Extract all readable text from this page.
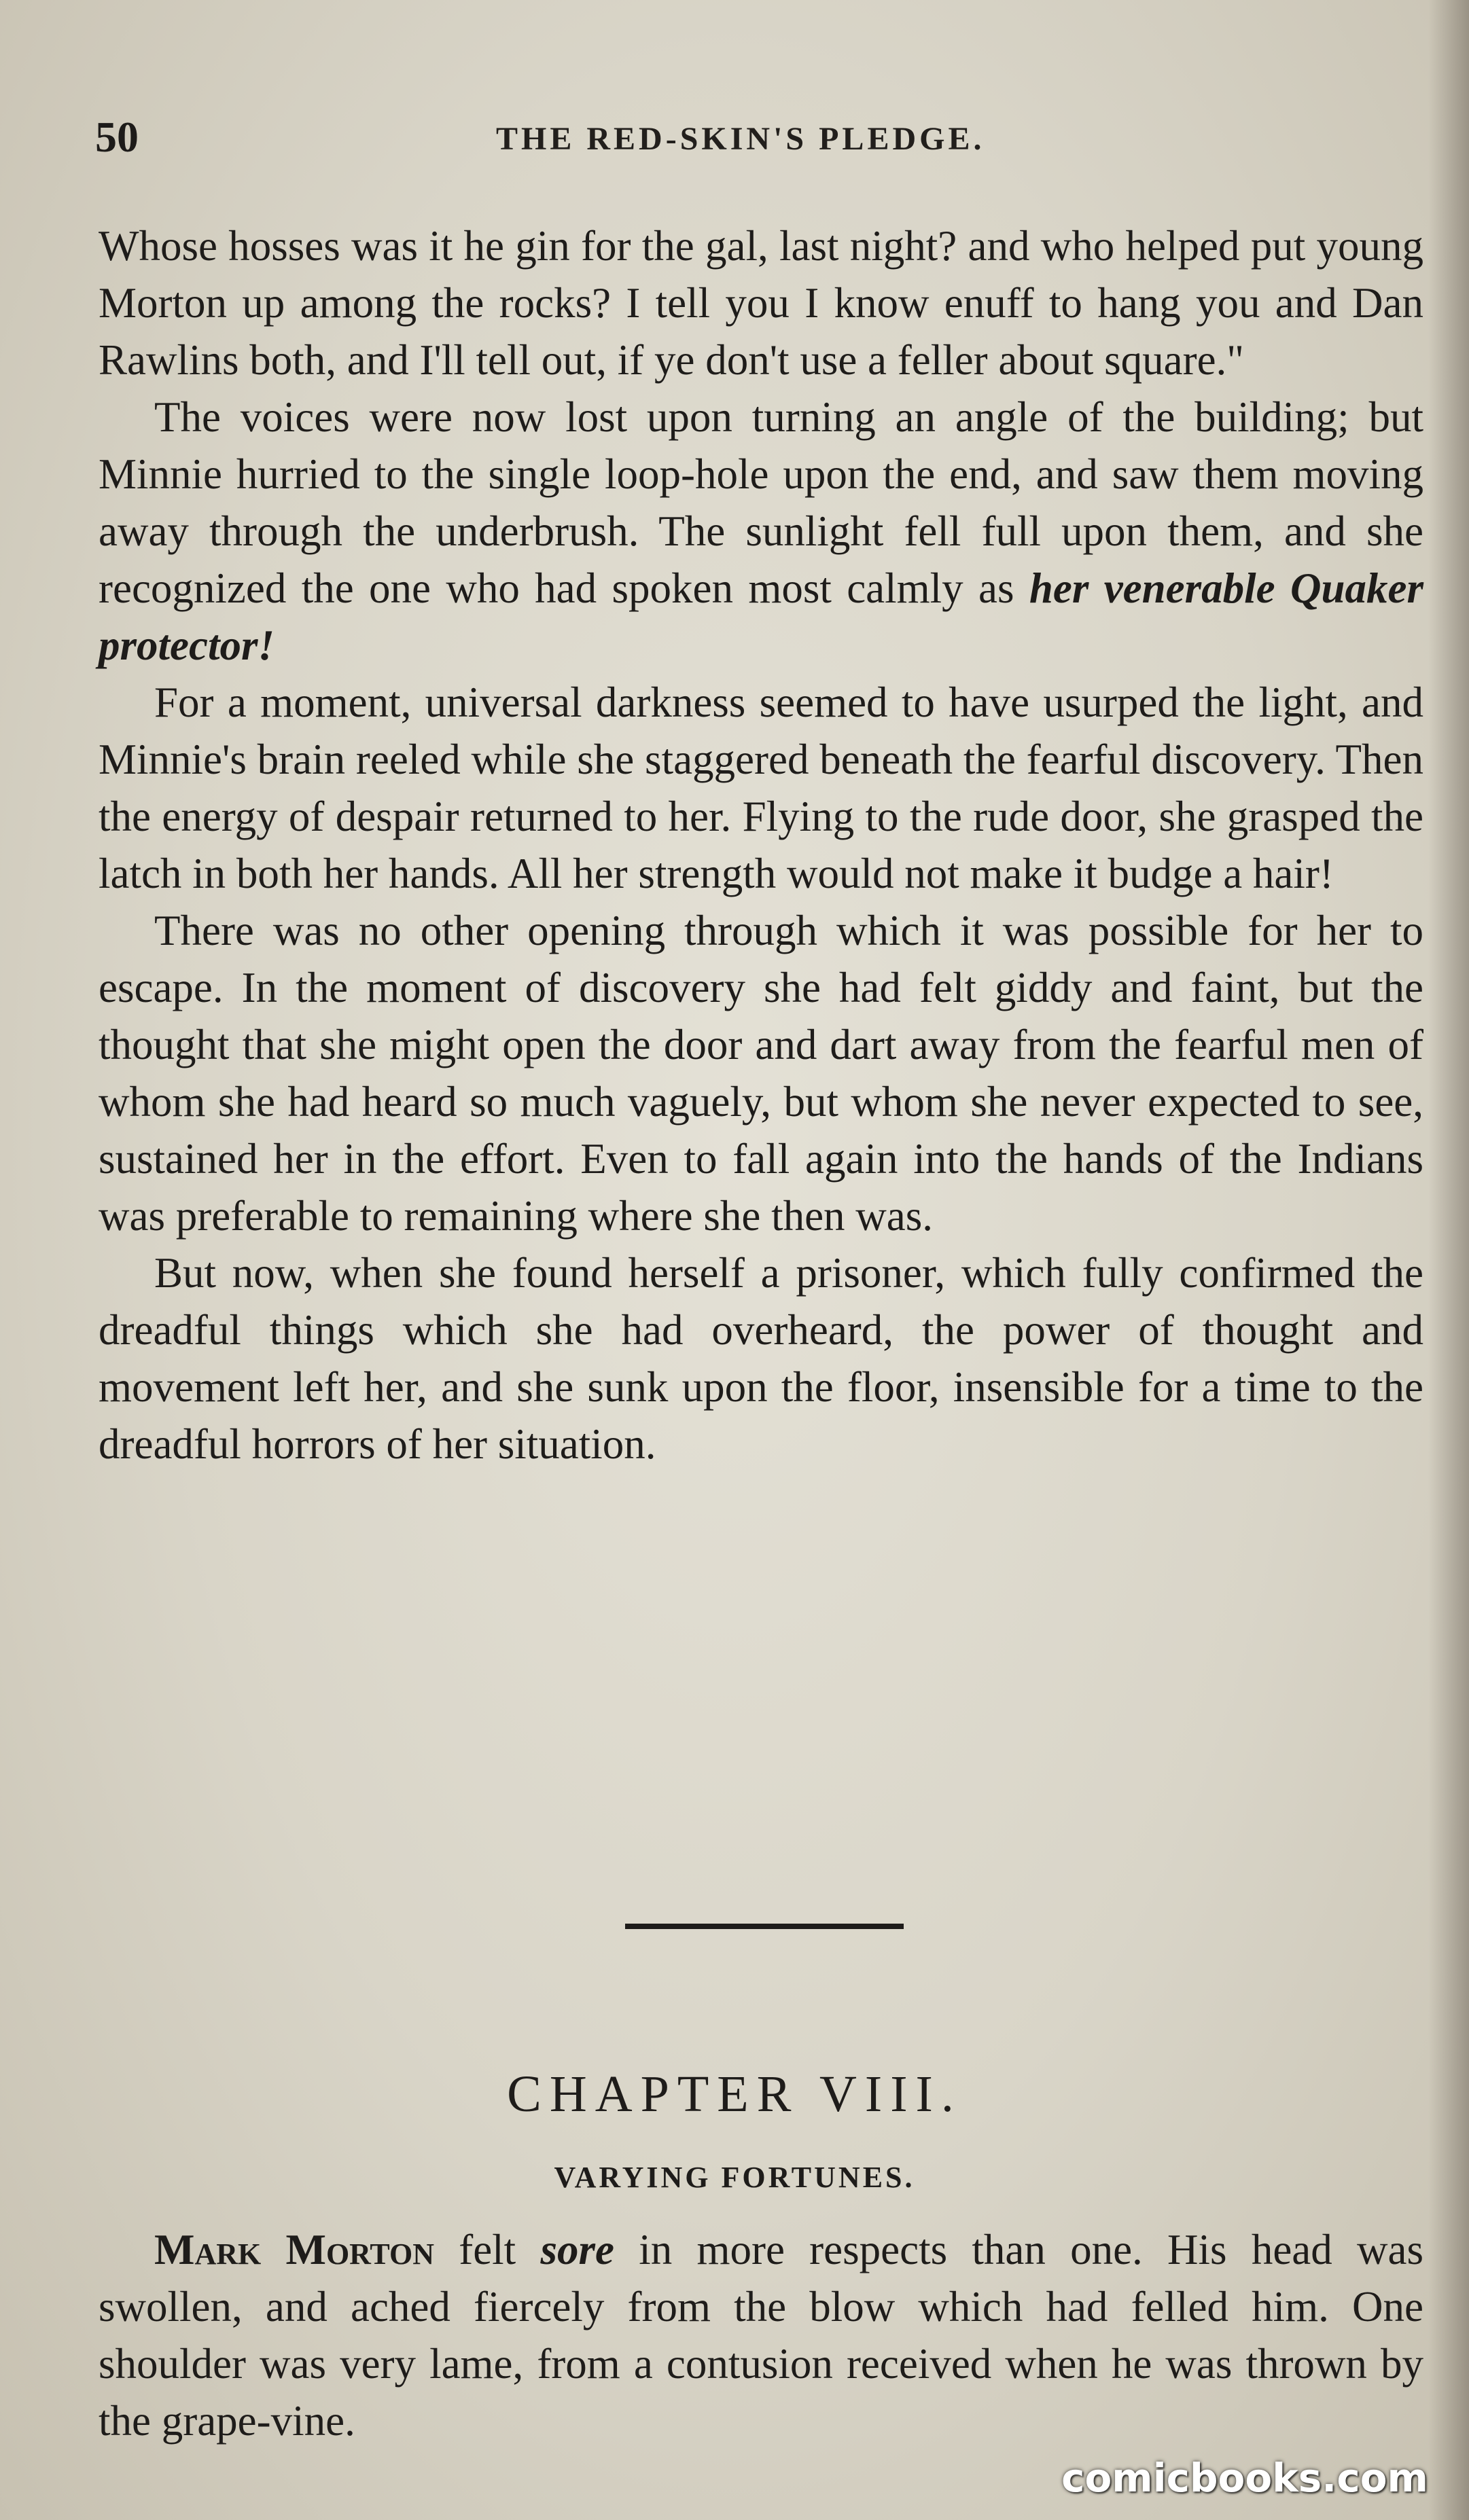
50	THE RED-SKIN'S PLEDGE.

Whose hosses was it he gin for the gal, last night? and who helped put young Morton up among the rocks? I tell you I know enuff to hang you and Dan Rawlins both, and I'll tell out, if ye don't use a feller about square."

The voices were now lost upon turning an angle of the building; but Minnie hurried to the single loop-hole upon the end, and saw them moving away through the underbrush. The sunlight fell full upon them, and she recognized the one who had spoken most calmly as her venerable Quaker protector!

For a moment, universal darkness seemed to have usurped the light, and Minnie's brain reeled while she staggered beneath the fearful discovery. Then the energy of despair returned to her. Flying to the rude door, she grasped the latch in both her hands. All her strength would not make it budge a hair!

There was no other opening through which it was possible for her to escape. In the moment of discovery she had felt giddy and faint, but the thought that she might open the door and dart away from the fearful men of whom she had heard so much vaguely, but whom she never expected to see, sustained her in the effort. Even to fall again into the hands of the Indians was preferable to remaining where she then was.

But now, when she found herself a prisoner, which fully confirmed the dreadful things which she had overheard, the power of thought and movement left her, and she sunk upon the floor, insensible for a time to the dreadful horrors of her situation.

CHAPTER VIII.
VARYING FORTUNES.

Mark Morton felt sore in more respects than one. His head was swollen, and ached fiercely from the blow which had felled him. One shoulder was very lame, from a contusion received when he was thrown by the grape-vine.

comicbooks.com
